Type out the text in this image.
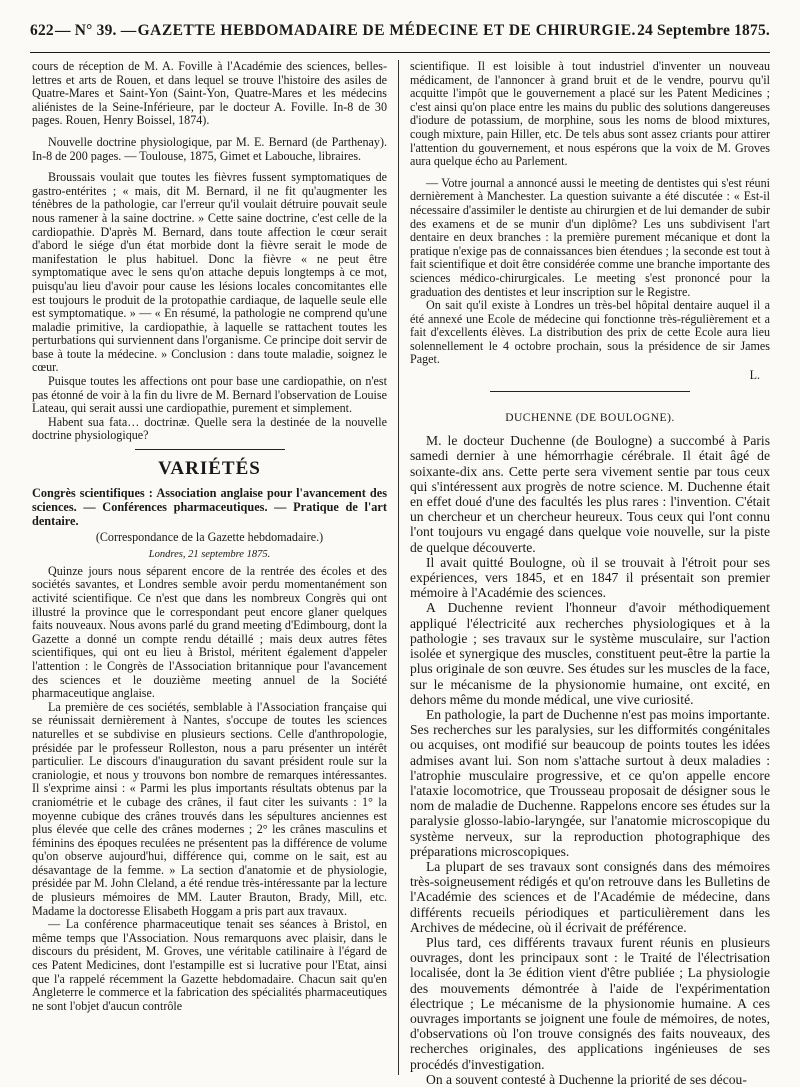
622 — N° 39. — GAZETTE HEBDOMADAIRE DE MÉDECINE ET DE CHIRURGIE. 24 Septembre 1875.

cours de réception de M. A. Foville à l'Académie des sciences, belles-lettres et arts de Rouen, et dans lequel se trouve l'histoire des asiles de Quatre-Mares et Saint-Yon (Saint-Yon, Quatre-Mares et les médecins aliénistes de la Seine-Inférieure, par le docteur A. Foville. In-8 de 30 pages. Rouen, Henry Boissel, 1874).

Nouvelle doctrine physiologique, par M. E. Bernard (de Parthenay). In-8 de 200 pages. — Toulouse, 1875, Gimet et Labouche, libraires.

Broussais voulait que toutes les fièvres fussent symptomatiques de gastro-entérites ; « mais, dit M. Bernard, il ne fit qu'augmenter les ténèbres de la pathologie, car l'erreur qu'il voulait détruire pouvait seule nous ramener à la saine doctrine. » Cette saine doctrine, c'est celle de la cardiopathie. D'après M. Bernard, dans toute affection le cœur serait d'abord le siége d'un état morbide dont la fièvre serait le mode de manifestation le plus habituel. Donc la fièvre « ne peut être symptomatique avec le sens qu'on attache depuis longtemps à ce mot, puisqu'au lieu d'avoir pour cause les lésions locales concomitantes elle est toujours le produit de la protopathie cardiaque, de laquelle seule elle est symptomatique. » — « En résumé, la pathologie ne comprend qu'une maladie primitive, la cardiopathie, à laquelle se rattachent toutes les perturbations qui surviennent dans l'organisme. Ce principe doit servir de base à toute la médecine. » Conclusion : dans toute maladie, soignez le cœur.

Puisque toutes les affections ont pour base une cardiopathie, on n'est pas étonné de voir à la fin du livre de M. Bernard l'observation de Louise Lateau, qui serait aussi une cardiopathie, purement et simplement.

Habent sua fata… doctrinæ. Quelle sera la destinée de la nouvelle doctrine physiologique?

VARIÉTÉS

Congrès scientifiques : Association anglaise pour l'avancement des sciences. — Conférences pharmaceutiques. — Pratique de l'art dentaire.

(Correspondance de la Gazette hebdomadaire.)

Londres, 21 septembre 1875.

Quinze jours nous séparent encore de la rentrée des écoles et des sociétés savantes, et Londres semble avoir perdu momentanément son activité scientifique. Ce n'est que dans les nombreux Congrès qui ont illustré la province que le correspondant peut encore glaner quelques faits nouveaux. Nous avons parlé du grand meeting d'Edimbourg, dont la Gazette a donné un compte rendu détaillé ; mais deux autres fêtes scientifiques, qui ont eu lieu à Bristol, méritent également d'appeler l'attention : le Congrès de l'Association britannique pour l'avancement des sciences et le douzième meeting annuel de la Société pharmaceutique anglaise.

La première de ces sociétés, semblable à l'Association française qui se réunissait dernièrement à Nantes, s'occupe de toutes les sciences naturelles et se subdivise en plusieurs sections. Celle d'anthropologie, présidée par le professeur Rolleston, nous a paru présenter un intérêt particulier. Le discours d'inauguration du savant président roule sur la craniologie, et nous y trouvons bon nombre de remarques intéressantes. Il s'exprime ainsi : « Parmi les plus importants résultats obtenus par la craniométrie et le cubage des crânes, il faut citer les suivants : 1° la moyenne cubique des crânes trouvés dans les sépultures anciennes est plus élevée que celle des crânes modernes ; 2° les crânes masculins et féminins des époques reculées ne présentent pas la différence de volume qu'on observe aujourd'hui, différence qui, comme on le sait, est au désavantage de la femme. » La section d'anatomie et de physiologie, présidée par M. John Cleland, a été rendue très-intéressante par la lecture de plusieurs mémoires de MM. Lauter Brauton, Brady, Mill, etc. Madame la doctoresse Elisabeth Hoggam a pris part aux travaux.

— La conférence pharmaceutique tenait ses séances à Bristol, en même temps que l'Association. Nous remarquons avec plaisir, dans le discours du président, M. Groves, une véritable catilinaire à l'égard de ces Patent Medicines, dont l'estampille est si lucrative pour l'Etat, ainsi que l'a rappelé récemment la Gazette hebdomadaire. Chacun sait qu'en Angleterre le commerce et la fabrication des spécialités pharmaceutiques ne sont l'objet d'aucun contrôle

scientifique. Il est loisible à tout industriel d'inventer un nouveau médicament, de l'annoncer à grand bruit et de le vendre, pourvu qu'il acquitte l'impôt que le gouvernement a placé sur les Patent Medicines ; c'est ainsi qu'on place entre les mains du public des solutions dangereuses d'iodure de potassium, de morphine, sous les noms de blood mixtures, cough mixture, pain Hiller, etc. De tels abus sont assez criants pour attirer l'attention du gouvernement, et nous espérons que la voix de M. Groves aura quelque écho au Parlement.

— Votre journal a annoncé aussi le meeting de dentistes qui s'est réuni dernièrement à Manchester. La question suivante a été discutée : « Est-il nécessaire d'assimiler le dentiste au chirurgien et de lui demander de subir des examens et de se munir d'un diplôme? Les uns subdivisent l'art dentaire en deux branches : la première purement mécanique et dont la pratique n'exige pas de connaissances bien étendues ; la seconde est tout à fait scientifique et doit être considérée comme une branche importante des sciences médico-chirurgicales. Le meeting s'est prononcé pour la graduation des dentistes et leur inscription sur le Registre.

On sait qu'il existe à Londres un très-bel hôpital dentaire auquel il a été annexé une Ecole de médecine qui fonctionne très-régulièrement et a fait d'excellents élèves. La distribution des prix de cette Ecole aura lieu solennellement le 4 octobre prochain, sous la présidence de sir James Paget.

L.

DUCHENNE (DE BOULOGNE).

M. le docteur Duchenne (de Boulogne) a succombé à Paris samedi dernier à une hémorrhagie cérébrale. Il était âgé de soixante-dix ans. Cette perte sera vivement sentie par tous ceux qui s'intéressent aux progrès de notre science. M. Duchenne était en effet doué d'une des facultés les plus rares : l'invention. C'était un chercheur et un chercheur heureux. Tous ceux qui l'ont connu l'ont toujours vu engagé dans quelque voie nouvelle, sur la piste de quelque découverte.

Il avait quitté Boulogne, où il se trouvait à l'étroit pour ses expériences, vers 1845, et en 1847 il présentait son premier mémoire à l'Académie des sciences.

A Duchenne revient l'honneur d'avoir méthodiquement appliqué l'électricité aux recherches physiologiques et à la pathologie ; ses travaux sur le système musculaire, sur l'action isolée et synergique des muscles, constituent peut-être la partie la plus originale de son œuvre. Ses études sur les muscles de la face, sur le mécanisme de la physionomie humaine, ont excité, en dehors même du monde médical, une vive curiosité.

En pathologie, la part de Duchenne n'est pas moins importante. Ses recherches sur les paralysies, sur les difformités congénitales ou acquises, ont modifié sur beaucoup de points toutes les idées admises avant lui. Son nom s'attache surtout à deux maladies : l'atrophie musculaire progressive, et ce qu'on appelle encore l'ataxie locomotrice, que Trousseau proposait de désigner sous le nom de maladie de Duchenne. Rappelons encore ses études sur la paralysie glosso-labio-laryngée, sur l'anatomie microscopique du système nerveux, sur la reproduction photographique des préparations microscopiques.

La plupart de ses travaux sont consignés dans des mémoires très-soigneusement rédigés et qu'on retrouve dans les Bulletins de l'Académie des sciences et de l'Académie de médecine, dans différents recueils périodiques et particulièrement dans les Archives de médecine, où il écrivait de préférence.

Plus tard, ces différents travaux furent réunis en plusieurs ouvrages, dont les principaux sont : le Traité de l'électrisation localisée, dont la 3e édition vient d'être publiée ; La physiologie des mouvements démontrée à l'aide de l'expérimentation électrique ; Le mécanisme de la physionomie humaine. A ces ouvrages importants se joignent une foule de mémoires, de notes, d'observations où l'on trouve consignés des faits nouveaux, des recherches originales, des applications ingénieuses de ses procédés d'investigation.

On a souvent contesté à Duchenne la priorité de ses décou-
